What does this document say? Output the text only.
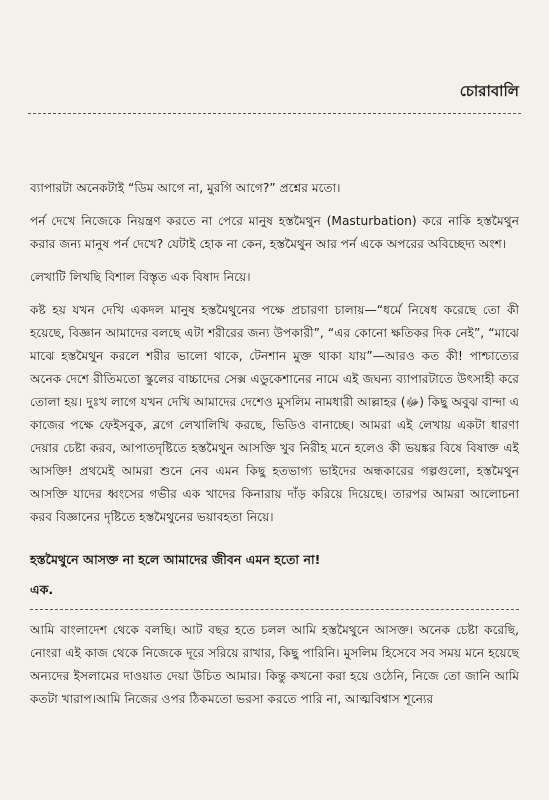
চোরাবালি

ব্যাপারটা অনেকটাই “ডিম আগে না, মুরগি আগে?” প্রশ্নের মতো।

পর্ন দেখে নিজেকে নিয়ন্ত্রণ করতে না পেরে মানুষ হস্তমৈথুন (Masturbation) করে নাকি হস্তমৈথুন করার জন্য মানুষ পর্ন দেখে? যেটাই হোক না কেন, হস্তমৈথুন আর পর্ন একে অপরের অবিচ্ছেদ্য অংশ।

লেখাটি লিখছি বিশাল বিস্তৃত এক বিষাদ নিয়ে।

কষ্ট হয় যখন দেখি একদল মানুষ হস্তমৈথুনের পক্ষে প্রচারণা চালায়—“ধর্মে নিষেধ করেছে তো কী হয়েছে, বিজ্ঞান আমাদের বলছে এটা শরীরের জন্য উপকারী”, “এর কোনো ক্ষতিকর দিক নেই”, “মাঝে মাঝে হস্তমৈথুন করলে শরীর ভালো থাকে, টেনশান মুক্ত থাকা যায়”—আরও কত কী! পাশ্চাত্যের অনেক দেশে রীতিমতো স্কুলের বাচ্চাদের সেক্স এডুকেশানের নামে এই জঘন্য ব্যাপারটাতে উৎসাহী করে তোলা হয়। দুঃখ লাগে যখন দেখি আমাদের দেশেও মুসলিম নামধারী আল্লাহর (ﷻ) কিছু অবুঝ বান্দা এ কাজের পক্ষে ফেইসবুক, ব্লগে লেখালিখি করছে, ভিডিও বানাচ্ছে। আমরা এই লেখায় একটা ধারণা দেয়ার চেষ্টা করব, আপাতদৃষ্টিতে হস্তমৈথুন আসক্তি খুব নিরীহ মনে হলেও কী ভয়ঙ্কর বিষে বিষাক্ত এই আসক্তি! প্রথমেই আমরা শুনে নেব এমন কিছু হতভাগ্য ভাইদের অন্ধকারের গল্পগুলো, হস্তমৈথুন আসক্তি যাদের ধ্বংসের গভীর এক খাদের কিনারায় দাঁড় করিয়ে দিয়েছে। তারপর আমরা আলোচনা করব বিজ্ঞানের দৃষ্টিতে হস্তমৈথুনের ভয়াবহতা নিয়ে।

হস্তমৈথুনে আসক্ত না হলে আমাদের জীবন এমন হতো না!
এক.

আমি বাংলাদেশ থেকে বলছি। আট বছর হতে চলল আমি হস্তমৈথুনে আসক্ত। অনেক চেষ্টা করেছি, নোংরা এই কাজ থেকে নিজেকে দূরে সরিয়ে রাখার, কিছু পারিনি। মুসলিম হিসেবে সব সময় মনে হয়েছে অন্যদের ইসলামের দাওয়াত দেয়া উচিত আমার। কিন্তু কখনো করা হয়ে ওঠেনি, নিজে তো জানি আমি কতটা খারাপ।আমি নিজের ওপর ঠিকমতো ভরসা করতে পারি না, আত্মবিশ্বাস শূন্যের
